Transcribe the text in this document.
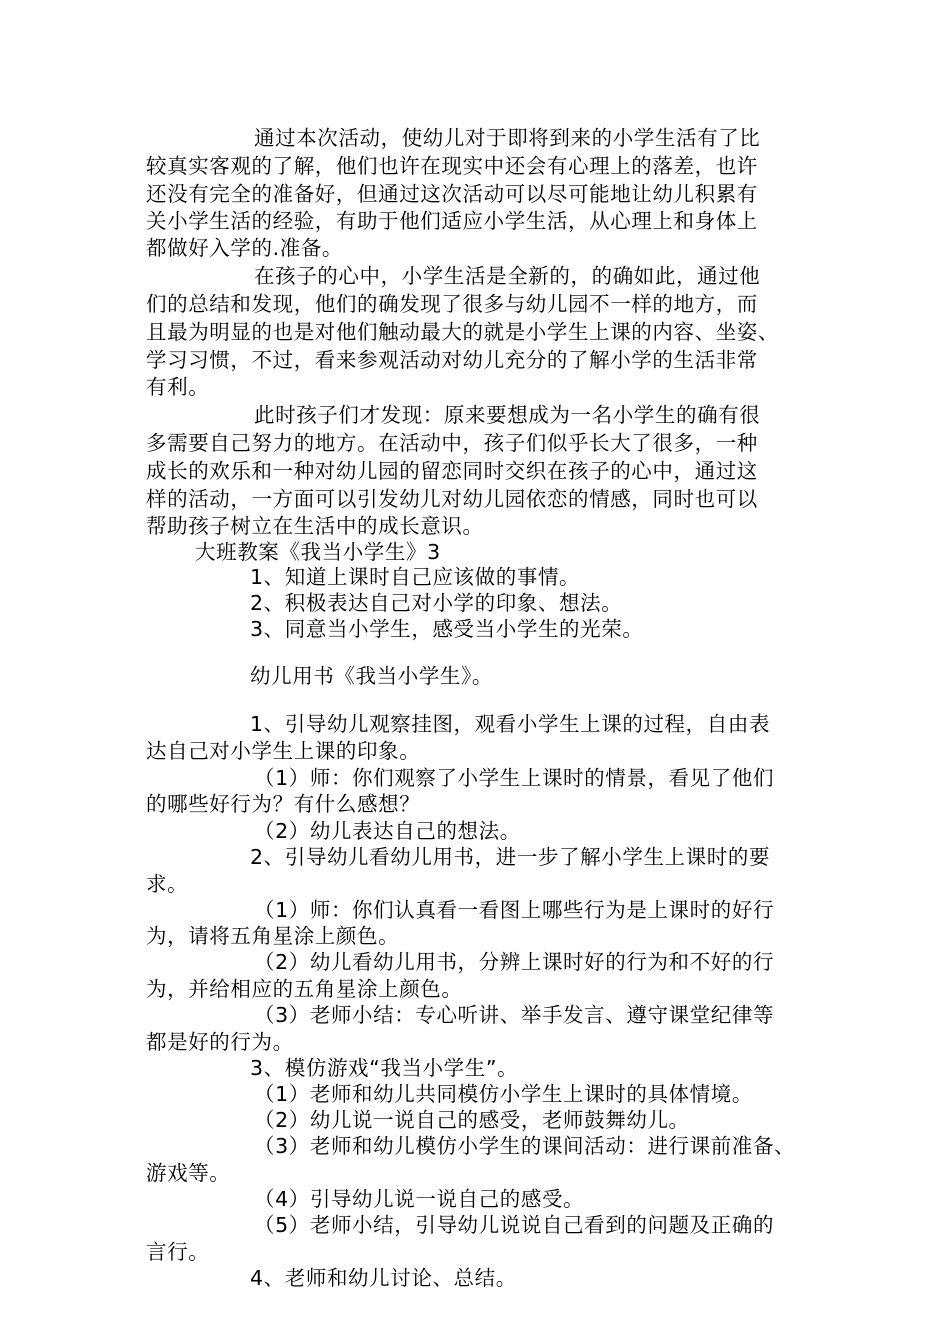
通过本次活动，使幼儿对于即将到来的小学生活有了比
较真实客观的了解，他们也许在现实中还会有心理上的落差，也许
还没有完全的准备好，但通过这次活动可以尽可能地让幼儿积累有
关小学生活的经验，有助于他们适应小学生活，从心理上和身体上
都做好入学的.准备。
在孩子的心中，小学生活是全新的，的确如此，通过他
们的总结和发现，他们的确发现了很多与幼儿园不一样的地方，而
且最为明显的也是对他们触动最大的就是小学生上课的内容、坐姿、
学习习惯，不过，看来参观活动对幼儿充分的了解小学的生活非常
有利。
此时孩子们才发现：原来要想成为一名小学生的确有很
多需要自己努力的地方。在活动中，孩子们似乎长大了很多，一种
成长的欢乐和一种对幼儿园的留恋同时交织在孩子的心中，通过这
样的活动，一方面可以引发幼儿对幼儿园依恋的情感，同时也可以
帮助孩子树立在生活中的成长意识。
大班教案《我当小学生》3
1、知道上课时自己应该做的事情。
2、积极表达自己对小学的印象、想法。
3、同意当小学生，感受当小学生的光荣。
幼儿用书《我当小学生》。
1、引导幼儿观察挂图，观看小学生上课的过程，自由表
达自己对小学生上课的印象。
（1）师：你们观察了小学生上课时的情景，看见了他们
的哪些好行为？有什么感想？
（2）幼儿表达自己的想法。
2、引导幼儿看幼儿用书，进一步了解小学生上课时的要
求。
（1）师：你们认真看一看图上哪些行为是上课时的好行
为，请将五角星涂上颜色。
（2）幼儿看幼儿用书，分辨上课时好的行为和不好的行
为，并给相应的五角星涂上颜色。
（3）老师小结：专心听讲、举手发言、遵守课堂纪律等
都是好的行为。
3、模仿游戏“我当小学生”。
（1）老师和幼儿共同模仿小学生上课时的具体情境。
（2）幼儿说一说自己的感受，老师鼓舞幼儿。
（3）老师和幼儿模仿小学生的课间活动：进行课前准备、
游戏等。
（4）引导幼儿说一说自己的感受。
（5）老师小结，引导幼儿说说自己看到的问题及正确的
言行。
4、老师和幼儿讨论、总结。
